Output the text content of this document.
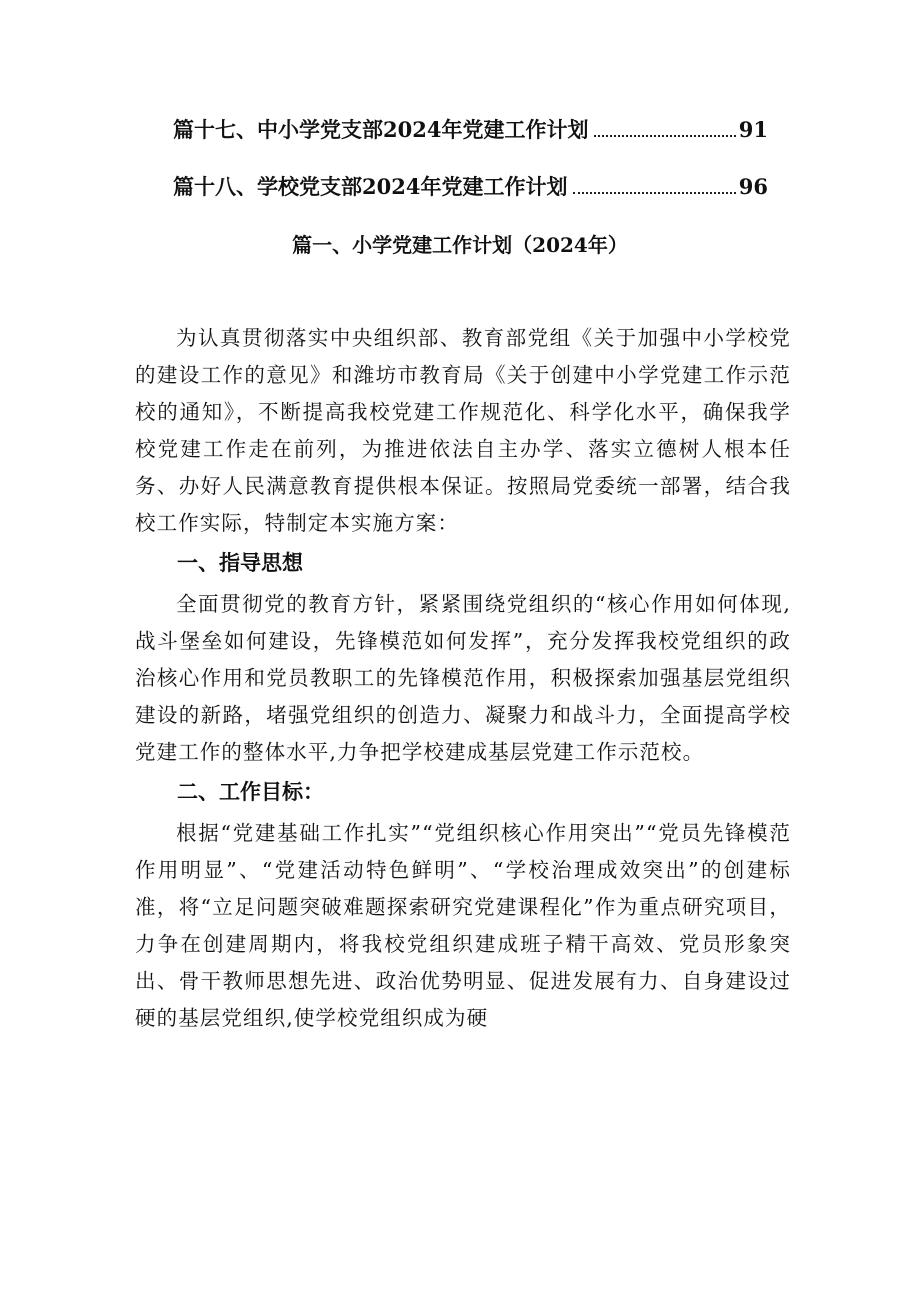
篇十七、中小学党支部2024年党建工作计划	91
篇十八、学校党支部2024年党建工作计划	96
篇一、小学党建工作计划（2024年）

为认真贯彻落实中央组织部、教育部党组《关于加强中小学校党的建设工作的意见》和潍坊市教育局《关于创建中小学党建工作示范校的通知》，不断提高我校党建工作规范化、科学化水平，确保我学校党建工作走在前列，为推进依法自主办学、落实立德树人根本任务、办好人民满意教育提供根本保证。按照局党委统一部署，结合我校工作实际，特制定本实施方案：

一、指导思想

全面贯彻党的教育方针，紧紧围绕党组织的“核心作用如何体现,战斗堡垒如何建设，先锋模范如何发挥”，充分发挥我校党组织的政治核心作用和党员教职工的先锋模范作用，积极探索加强基层党组织建设的新路，堵强党组织的创造力、凝聚力和战斗力，全面提高学校党建工作的整体水平,力争把学校建成基层党建工作示范校。

二、工作目标：

根据“党建基础工作扎实”“党组织核心作用突出”“党员先锋模范作用明显”、“党建活动特色鲜明”、“学校治理成效突出”的创建标准，将“立足问题突破难题探索研究党建课程化”作为重点研究项目，力争在创建周期内，将我校党组织建成班子精干高效、党员形象突出、骨干教师思想先进、政治优势明显、促进发展有力、自身建设过硬的基层党组织,使学校党组织成为硬
